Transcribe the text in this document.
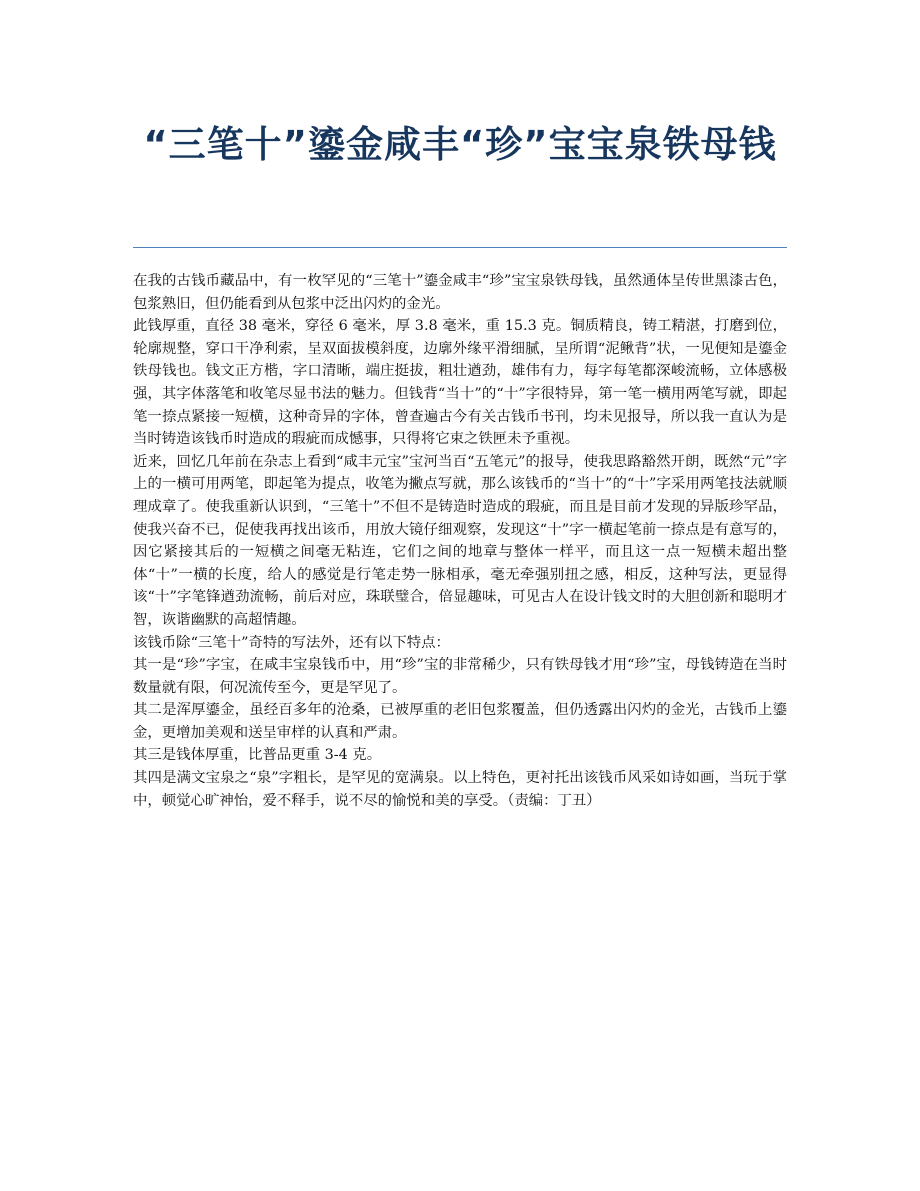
“三笔十”鎏金咸丰“珍”宝宝泉铁母钱

在我的古钱币藏品中，有一枚罕见的“三笔十”鎏金咸丰“珍”宝宝泉铁母钱，虽然通体呈传世黑漆古色，包浆熟旧，但仍能看到从包浆中泛出闪灼的金光。

此钱厚重，直径 38 毫米，穿径 6 毫米，厚 3.8 毫米，重 15.3 克。铜质精良，铸工精湛，打磨到位，轮廓规整，穿口干净利索，呈双面拔模斜度，边廓外缘平滑细腻，呈所谓“泥鳅背”状，一见便知是鎏金铁母钱也。钱文正方楷，字口清晰，端庄挺拔，粗壮遒劲，雄伟有力，每字每笔都深峻流畅，立体感极强，其字体落笔和收笔尽显书法的魅力。但钱背“当十”的“十”字很特异，第一笔一横用两笔写就，即起笔一捺点紧接一短横，这种奇异的字体，曾查遍古今有关古钱币书刊，均未见报导，所以我一直认为是当时铸造该钱币时造成的瑕疵而成憾事，只得将它束之铁匣未予重视。

近来，回忆几年前在杂志上看到“咸丰元宝”宝河当百“五笔元”的报导，使我思路豁然开朗，既然“元”字上的一横可用两笔，即起笔为提点，收笔为撇点写就，那么该钱币的“当十”的“十”字采用两笔技法就顺理成章了。使我重新认识到，“三笔十”不但不是铸造时造成的瑕疵，而且是目前才发现的异版珍罕品，使我兴奋不已，促使我再找出该币，用放大镜仔细观察，发现这“十”字一横起笔前一捺点是有意写的，因它紧接其后的一短横之间毫无粘连，它们之间的地章与整体一样平，而且这一点一短横未超出整体“十”一横的长度，给人的感觉是行笔走势一脉相承，毫无牵强别扭之感，相反，这种写法，更显得该“十”字笔锋遒劲流畅，前后对应，珠联璧合，倍显趣味，可见古人在设计钱文时的大胆创新和聪明才智，诙谐幽默的高超情趣。

该钱币除“三笔十”奇特的写法外，还有以下特点：

其一是“珍”字宝，在咸丰宝泉钱币中，用“珍”宝的非常稀少，只有铁母钱才用“珍”宝，母钱铸造在当时数量就有限，何况流传至今，更是罕见了。

其二是浑厚鎏金，虽经百多年的沧桑，已被厚重的老旧包浆覆盖，但仍透露出闪灼的金光，古钱币上鎏金，更增加美观和送呈审样的认真和严肃。

其三是钱体厚重，比普品更重 3-4 克。

其四是满文宝泉之“泉”字粗长，是罕见的宽满泉。以上特色，更衬托出该钱币风采如诗如画，当玩于掌中，顿觉心旷神怡，爱不释手，说不尽的愉悦和美的享受。（责编：丁丑）
